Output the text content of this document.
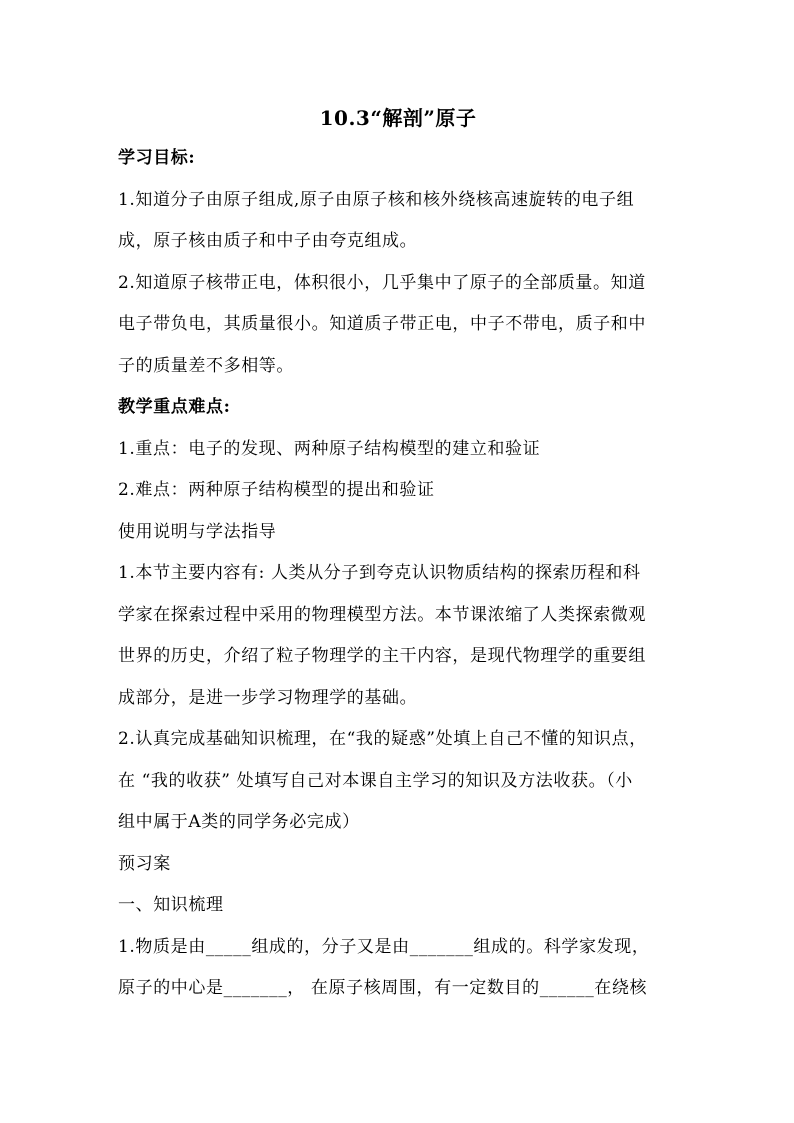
10.3“解剖”原子

学习目标:

1.知道分子由原子组成,原子由原子核和核外绕核高速旋转的电子组

成，原子核由质子和中子由夸克组成。

2.知道原子核带正电，体积很小，几乎集中了原子的全部质量。知道

电子带负电，其质量很小。知道质子带正电，中子不带电，质子和中

子的质量差不多相等。

教学重点难点:

1.重点：电子的发现、两种原子结构模型的建立和验证

2.难点：两种原子结构模型的提出和验证

使用说明与学法指导

1.本节主要内容有: 人类从分子到夸克认识物质结构的探索历程和科

学家在探索过程中采用的物理模型方法。本节课浓缩了人类探索微观

世界的历史，介绍了粒子物理学的主干内容，是现代物理学的重要组

成部分，是进一步学习物理学的基础。

2.认真完成基础知识梳理，在“我的疑惑”处填上自己不懂的知识点，

在 “我的收获” 处填写自己对本课自主学习的知识及方法收获。（小

组中属于A类的同学务必完成）

预习案

一、知识梳理

1.物质是由_____组成的，分子又是由_______组成的。科学家发现，

原子的中心是_______， 在原子核周围，有一定数目的______在绕核
